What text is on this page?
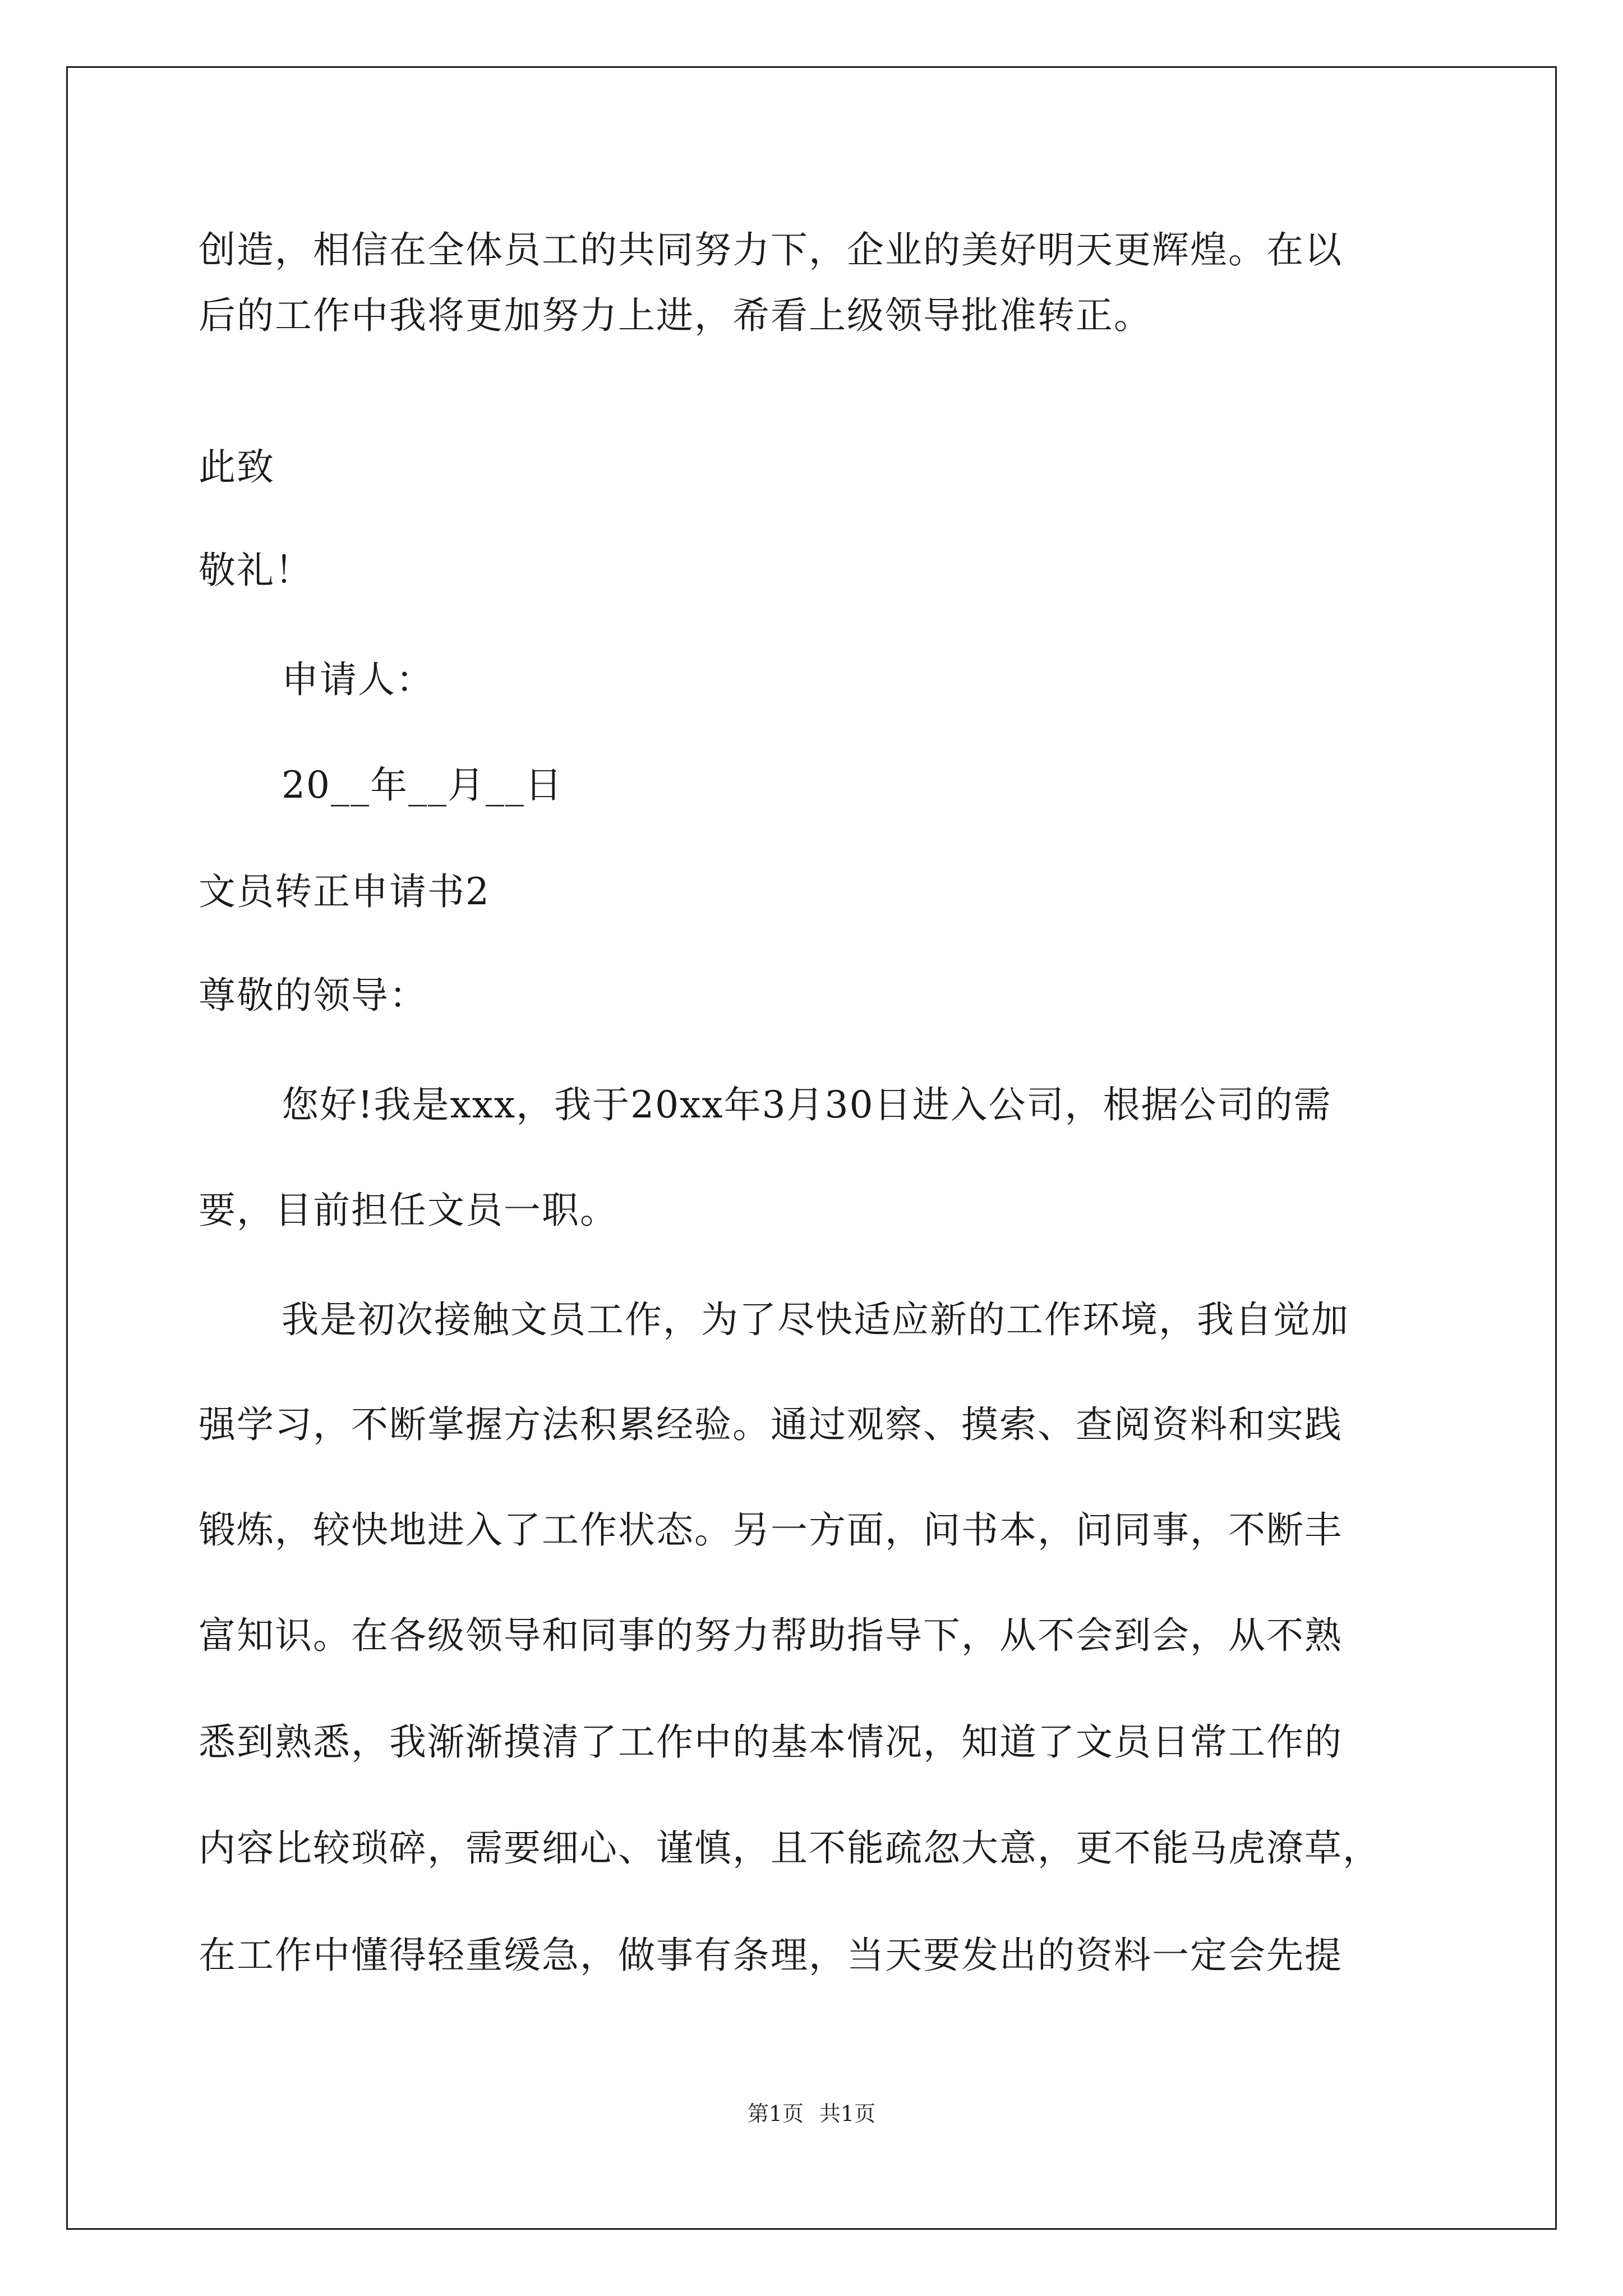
创造，相信在全体员工的共同努力下，企业的美好明天更辉煌。在以
后的工作中我将更加努力上进，希看上级领导批准转正。
此致
敬礼！
申请人：
20__年__月__日
文员转正申请书2
尊敬的领导：
您好!我是xxx，我于20xx年3月30日进入公司，根据公司的需
要，目前担任文员一职。
我是初次接触文员工作，为了尽快适应新的工作环境，我自觉加
强学习，不断掌握方法积累经验。通过观察、摸索、查阅资料和实践
锻炼，较快地进入了工作状态。另一方面，问书本，问同事，不断丰
富知识。在各级领导和同事的努力帮助指导下，从不会到会，从不熟
悉到熟悉，我渐渐摸清了工作中的基本情况，知道了文员日常工作的
内容比较琐碎，需要细心、谨慎，且不能疏忽大意，更不能马虎潦草，
在工作中懂得轻重缓急，做事有条理，当天要发出的资料一定会先提
第1页 共1页
